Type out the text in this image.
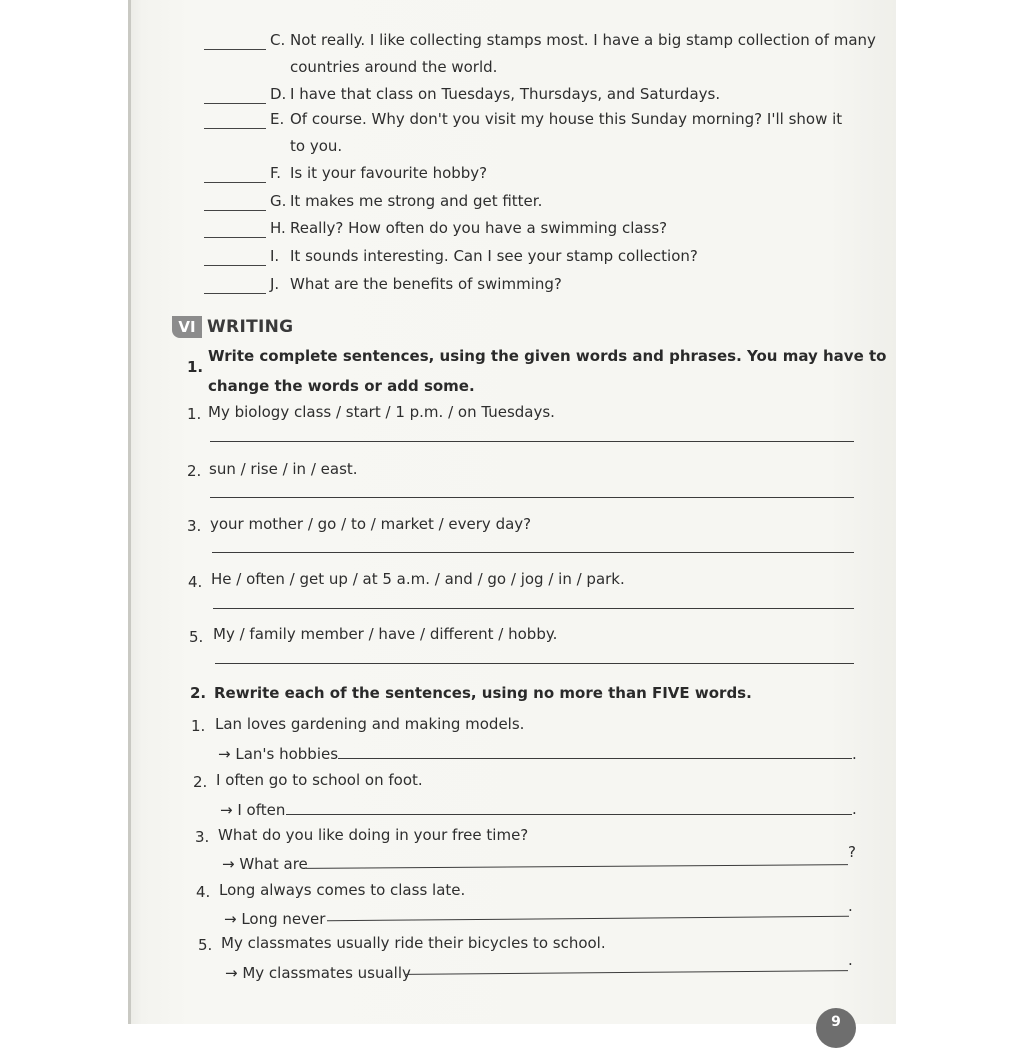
C. Not really. I like collecting stamps most. I have a big stamp collection of many
countries around the world.
D. I have that class on Tuesdays, Thursdays, and Saturdays.
E. Of course. Why don't you visit my house this Sunday morning? I'll show it
to you.
F. Is it your favourite hobby?
G. It makes me strong and get fitter.
H. Really? How often do you have a swimming class?
I. It sounds interesting. Can I see your stamp collection?
J. What are the benefits of swimming?
VI WRITING
1.
Write complete sentences, using the given words and phrases. You may have to
change the words or add some.
1. My biology class / start / 1 p.m. / on Tuesdays.
2. sun / rise / in / east.
3. your mother / go / to / market / every day?
4. He / often / get up / at 5 a.m. / and / go / jog / in / park.
5. My / family member / have / different / hobby.
2. Rewrite each of the sentences, using no more than FIVE words.
1. Lan loves gardening and making models.
→ Lan's hobbies	.
2. I often go to school on foot.
→ I often	.
3. What do you like doing in your free time?
→ What are
?
4. Long always comes to class late.
→ Long never
.
5. My classmates usually ride their bicycles to school.
→ My classmates usually
.
9
